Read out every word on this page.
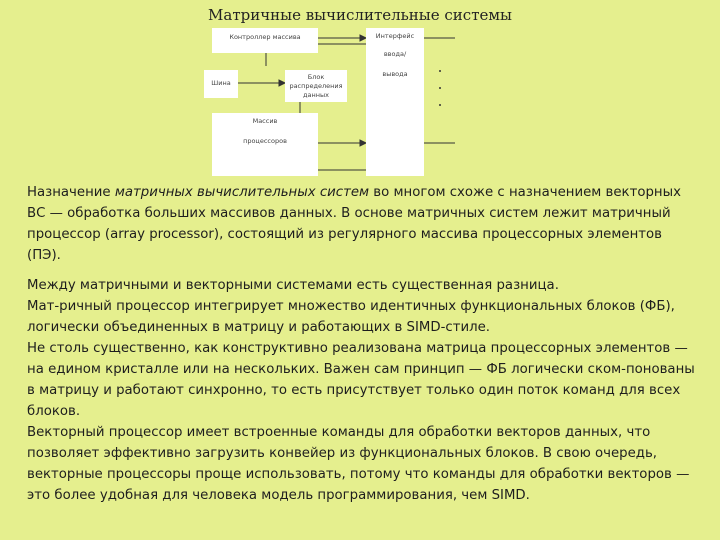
Матричные вычислительные системы
Контроллер массива	Интерфейс
ввода/
вывода
Шина
Блок
распределения
данных
Массив
процессоров

Назначение матричных вычислительных систем во многом схоже с назначением векторных ВС — обработка больших массивов данных. В основе матричных систем лежит матричный процессор (array processor), состоящий из регулярного массива процессорных элементов (ПЭ).

Между матричными и векторными системами есть существенная разница.

Мат-ричный процессор интегрирует множество идентичных функциональных блоков (ФБ), логически объединенных в матрицу и работающих в SIMD-стиле.

Не столь существенно, как конструктивно реализована матрица процессорных элементов — на едином кристалле или на нескольких. Важен сам принцип — ФБ логически ском-понованы в матрицу и работают синхронно, то есть присутствует только один поток команд для всех блоков.

Векторный процессор имеет встроенные команды для обработки векторов данных, что позволяет эффективно загрузить конвейер из функциональных блоков. В свою очередь, векторные процессоры проще использовать, потому что команды для обработки векторов — это более удобная для человека модель программирования, чем SIMD.
